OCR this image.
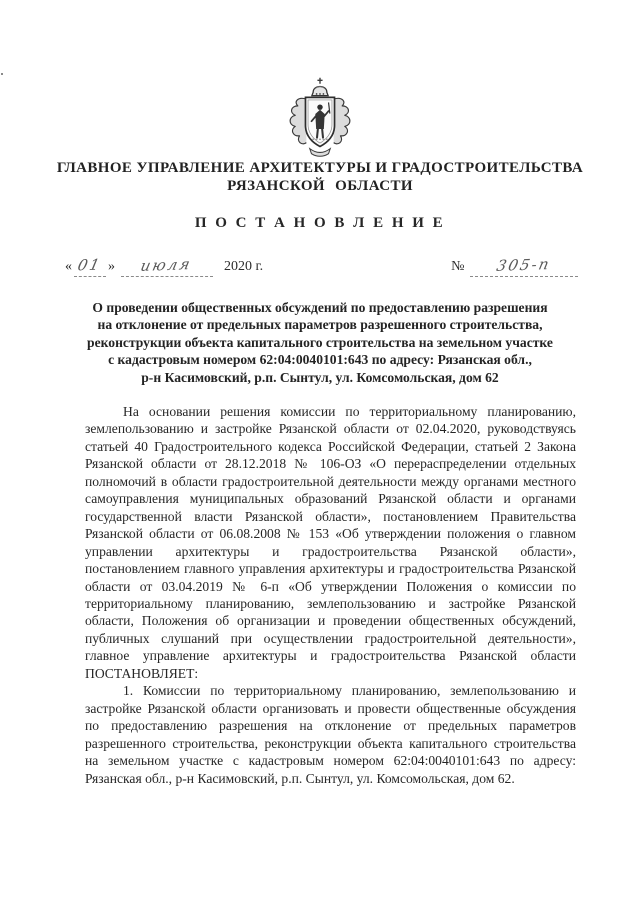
ГЛАВНОЕ УПРАВЛЕНИЕ АРХИТЕКТУРЫ И ГРАДОСТРОИТЕЛЬСТВА
РЯЗАНСКОЙ ОБЛАСТИ
П О С Т А Н О В Л Е Н И Е
« 01 » июля 2020 г.	№ 305-п
О проведении общественных обсуждений по предоставлению разрешения
на отклонение от предельных параметров разрешенного строительства,
реконструкции объекта капитального строительства на земельном участке
с кадастровым номером 62:04:0040101:643 по адресу: Рязанская обл.,
р-н Касимовский, р.п. Сынтул, ул. Комсомольская, дом 62

На основании решения комиссии по территориальному планированию, землепользованию и застройке Рязанской области от 02.04.2020, руководствуясь статьей 40 Градостроительного кодекса Российской Федерации, статьей 2 Закона Рязанской области от 28.12.2018 № 106-ОЗ «О перераспределении отдельных полномочий в области градостроительной деятельности между органами местного самоуправления муниципальных образований Рязанской области и органами государственной власти Рязанской области», постановлением Правительства Рязанской области от 06.08.2008 № 153 «Об утверждении положения о главном управлении архитектуры и градостроительства Рязанской области», постановлением главного управления архитектуры и градостроительства Рязанской области от 03.04.2019 № 6-п «Об утверждении Положения о комиссии по территориальному планированию, землепользованию и застройке Рязанской области, Положения об организации и проведении общественных обсуждений, публичных слушаний при осуществлении градостроительной деятельности», главное управление архитектуры и градостроительства Рязанской области ПОСТАНОВЛЯЕТ:

1. Комиссии по территориальному планированию, землепользованию и застройке Рязанской области организовать и провести общественные обсуждения по предоставлению разрешения на отклонение от предельных параметров разрешенного строительства, реконструкции объекта капитального строительства на земельном участке с кадастровым номером 62:04:0040101:643 по адресу: Рязанская обл., р-н Касимовский, р.п. Сынтул, ул. Комсомольская, дом 62.
